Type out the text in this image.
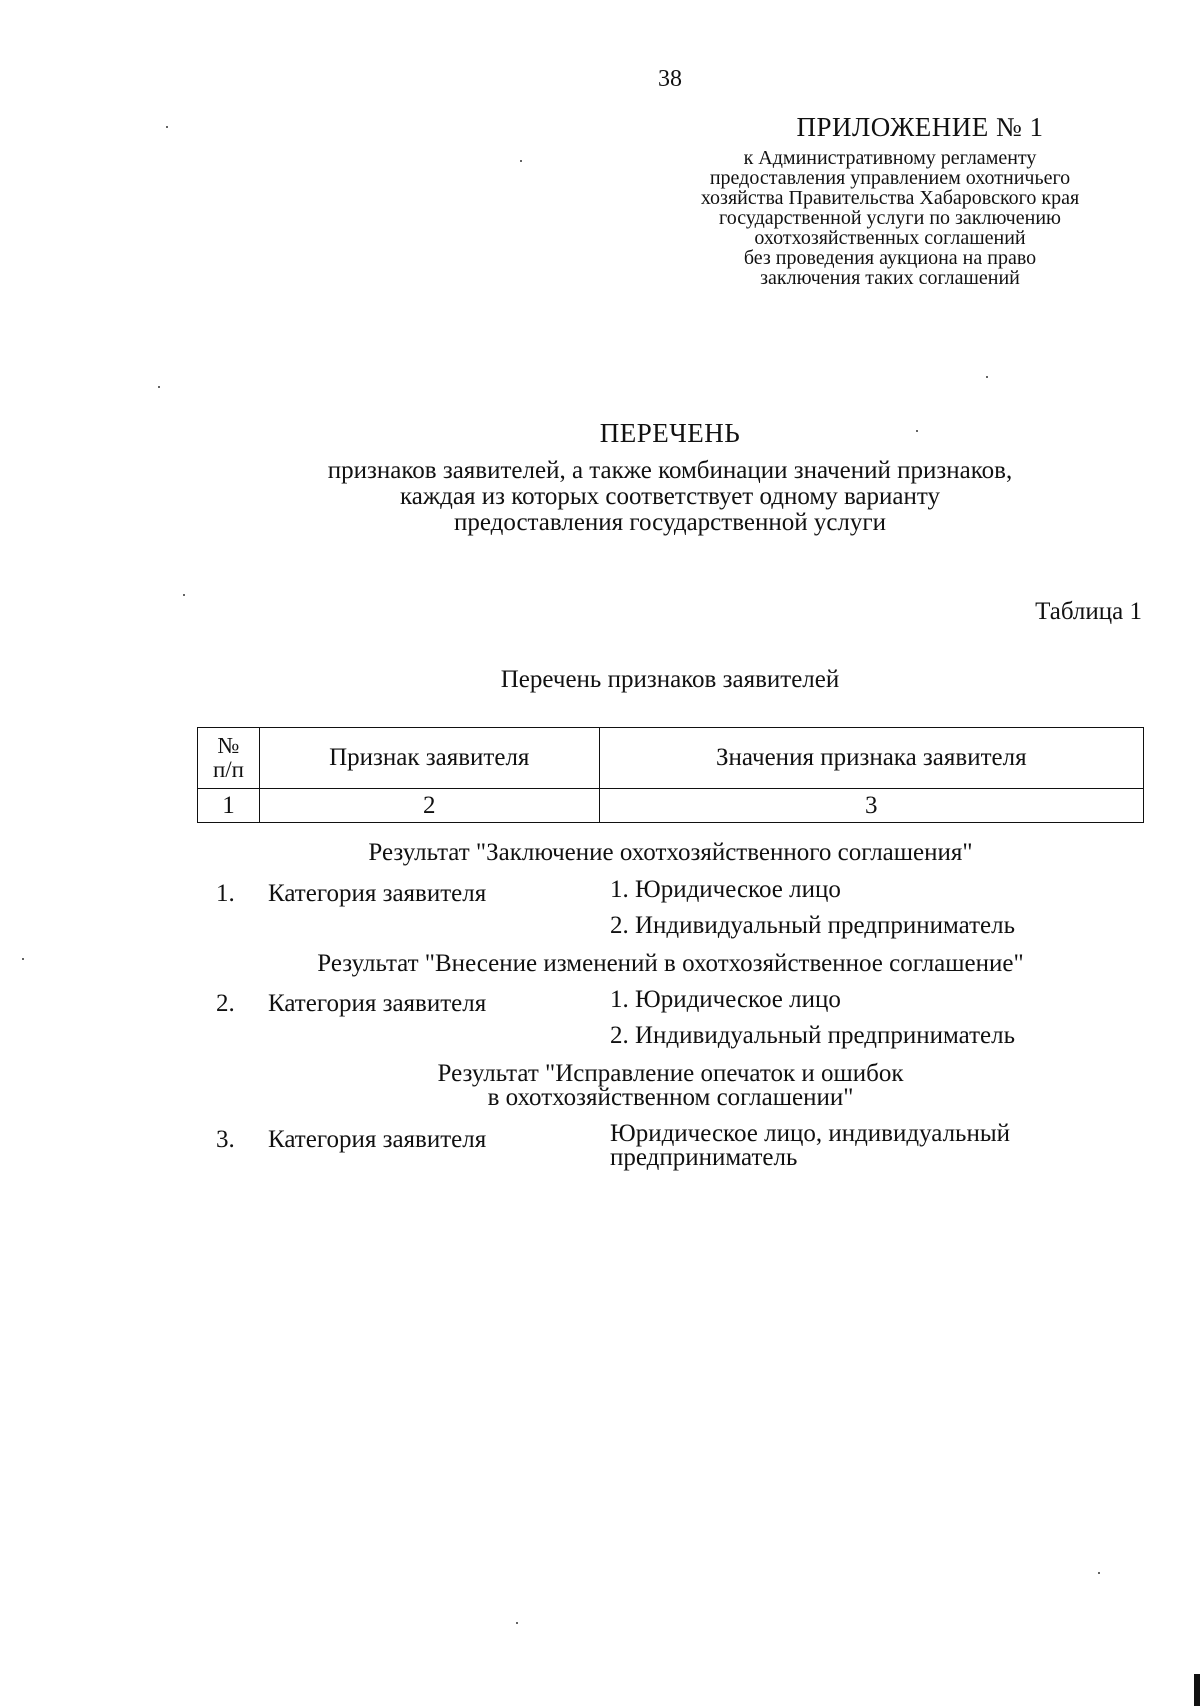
38
ПРИЛОЖЕНИЕ № 1
к Административному регламенту
предоставления управлением охотничьего
хозяйства Правительства Хабаровского края
государственной услуги по заключению
охотхозяйственных соглашений
без проведения аукциона на право
заключения таких соглашений
ПЕРЕЧЕНЬ
признаков заявителей, а также комбинации значений признаков,
каждая из которых соответствует одному варианту
предоставления государственной услуги
Таблица 1
Перечень признаков заявителей
№
п/п	Признак заявителя	Значения признака заявителя
1	2	3
Результат "Заключение охотхозяйственного соглашения"
1. Категория заявителя	1. Юридическое лицо
2. Индивидуальный предприниматель
Результат "Внесение изменений в охотхозяйственное соглашение"
2. Категория заявителя	1. Юридическое лицо
2. Индивидуальный предприниматель
Результат "Исправление опечаток и ошибок
в охотхозяйственном соглашении"
3. Категория заявителя	Юридическое лицо, индивидуальный
предприниматель
